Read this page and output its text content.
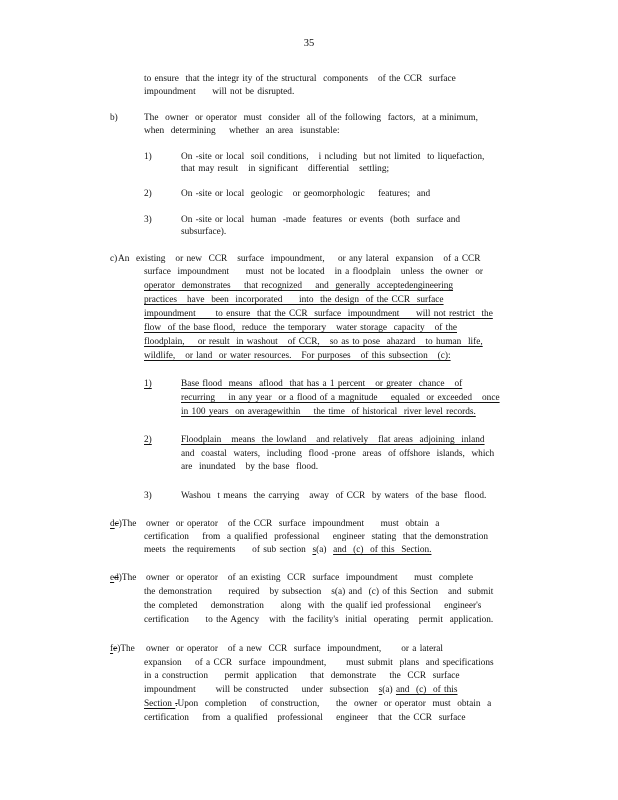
35
to ensure  that the integr ity of the structural  components   of the CCR  surface
impoundment     will not be disrupted.
b)	The  owner  or operator  must  consider  all of the following  factors,  at a minimum,
when  determining    whether  an area  isunstable:
1)	On -site or local  soil conditions,   i ncluding  but not limited  to liquefaction,
that may result   in significant   differential   settling;
2)	On -site or local  geologic   or geomorphologic    features;  and
3)	On -site or local  human  -made  features  or events  (both  surface and
subsurface).
c) An  existing   or new  CCR   surface  impoundment,    or any lateral  expansion   of a CCR
surface  impoundment     must  not be located   in a floodplain   unless  the owner  or
operator  demonstrates    that recognized    and  generally  acceptedengineering
practices   have  been  incorporated     into  the design  of the CCR  surface
impoundment      to ensure  that the CCR  surface  impoundment     will not restrict  the
flow  of the base flood,  reduce  the temporary   water storage  capacity   of the
floodplain,    or result  in washout   of CCR,   so as to pose  ahazard   to human  life,
wildlife,   or land  or water resources.   For purposes   of this subsection   (c):
1)	Base flood  means  aflood  that has a 1 percent   or greater  chance   of
recurring    in any year  or a flood of a magnitude    equaled  or exceeded   once
in 100 years  on averagewithin    the time  of historical  river level records.
2)	Floodplain   means  the lowland   and relatively   flat areas  adjoining  inland
and  coastal  waters,  including  flood -prone  areas  of offshore  islands,  which
are  inundated   by the base  flood.
3)	Washou  t means  the carrying   away  of CCR  by waters  of the base  flood.
dc)The owner  or operator   of the CCR  surface  impoundment     must  obtain  a
certification    from  a qualified  professional    engineer  stating  that the demonstration
meets  the requirements     of sub section  s(a)  and  (c)  of this  Section.
ed)The owner  or operator   of an existing  CCR  surface  impoundment     must  complete
the demonstration     required   by subsection   s(a) and  (c) of this Section   and  submit
the completed    demonstration     along  with  the qualif ied professional    engineer's
certification     to the Agency   with  the facility's  initial  operating   permit  application.
fe)The owner  or operator   of a new  CCR  surface  impoundment,      or a lateral
expansion    of a CCR  surface  impoundment,      must submit  plans  and specifications
in a construction     permit  application    that  demonstrate    the  CCR  surface
impoundment      will be constructed    under  subsection   s(a) and  (c)  of this
Section .Upon  completion    of construction,     the  owner  or operator  must  obtain  a
certification    from  a qualified   professional    engineer   that  the CCR  surface
